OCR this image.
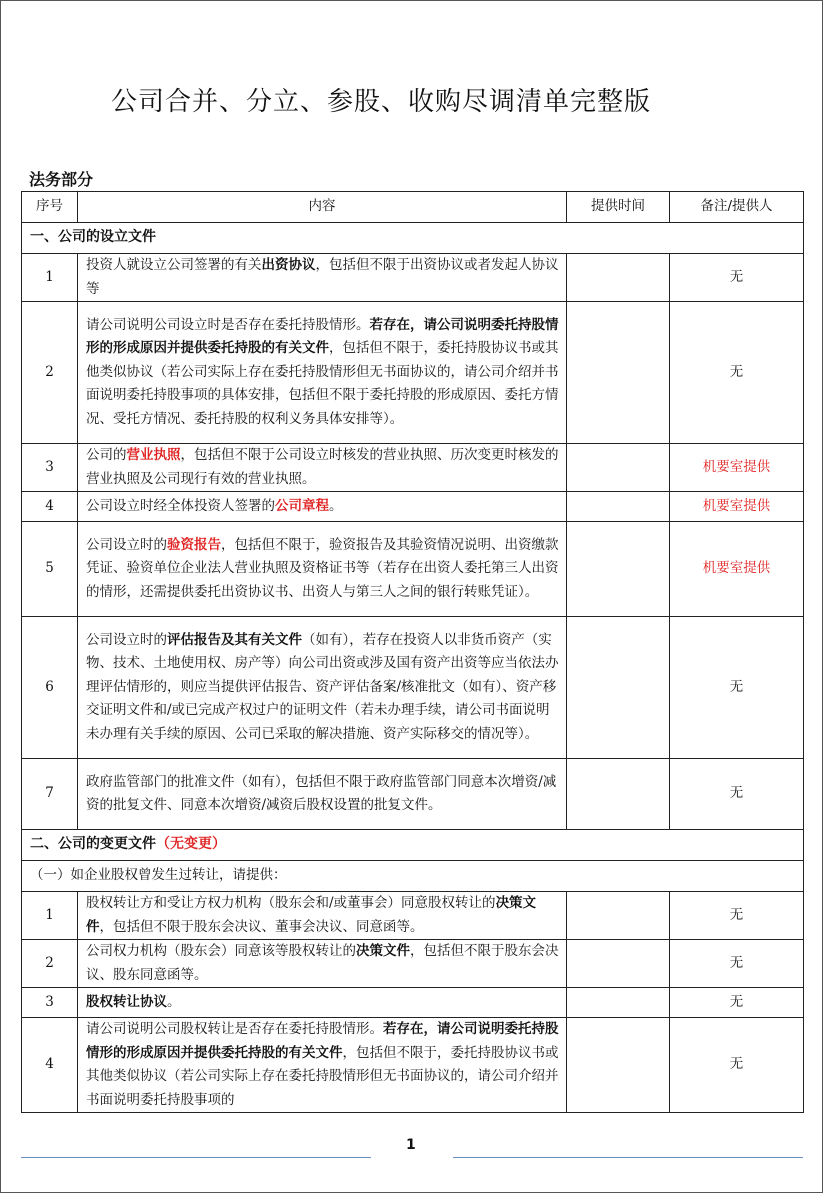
公司合并、分立、参股、收购尽调清单完整版
法务部分
序号	内容	提供时间	备注/提供人
一、公司的设立文件			
1	投资人就设立公司签署的有关出资协议，包括但不限于出资协议或者发起人协议等		无
2	请公司说明公司设立时是否存在委托持股情形。若存在，请公司说明委托持股情形的形成原因并提供委托持股的有关文件，包括但不限于，委托持股协议书或其他类似协议（若公司实际上存在委托持股情形但无书面协议的，请公司介绍并书面说明委托持股事项的具体安排，包括但不限于委托持股的形成原因、委托方情况、受托方情况、委托持股的权利义务具体安排等）。		无
3	公司的营业执照，包括但不限于公司设立时核发的营业执照、历次变更时核发的营业执照及公司现行有效的营业执照。		机要室提供
4	公司设立时经全体投资人签署的公司章程。		机要室提供
5	公司设立时的验资报告，包括但不限于，验资报告及其验资情况说明、出资缴款凭证、验资单位企业法人营业执照及资格证书等（若存在出资人委托第三人出资的情形，还需提供委托出资协议书、出资人与第三人之间的银行转账凭证）。		机要室提供
6	公司设立时的评估报告及其有关文件（如有），若存在投资人以非货币资产（实物、技术、土地使用权、房产等）向公司出资或涉及国有资产出资等应当依法办理评估情形的，则应当提供评估报告、资产评估备案/核准批文（如有）、资产移交证明文件和/或已完成产权过户的证明文件（若未办理手续，请公司书面说明未办理有关手续的原因、公司已采取的解决措施、资产实际移交的情况等）。		无
7	政府监管部门的批准文件（如有），包括但不限于政府监管部门同意本次增资/减资的批复文件、同意本次增资/减资后股权设置的批复文件。		无
二、公司的变更文件（无变更）			
（一）如企业股权曾发生过转让，请提供：			
1	股权转让方和受让方权力机构（股东会和/或董事会）同意股权转让的决策文件，包括但不限于股东会决议、董事会决议、同意函等。		无
2	公司权力机构（股东会）同意该等股权转让的决策文件，包括但不限于股东会决议、股东同意函等。		无
3	股权转让协议。		无
4	请公司说明公司股权转让是否存在委托持股情形。若存在，请公司说明委托持股情形的形成原因并提供委托持股的有关文件，包括但不限于，委托持股协议书或其他类似协议（若公司实际上存在委托持股情形但无书面协议的，请公司介绍并书面说明委托持股事项的		无
1
